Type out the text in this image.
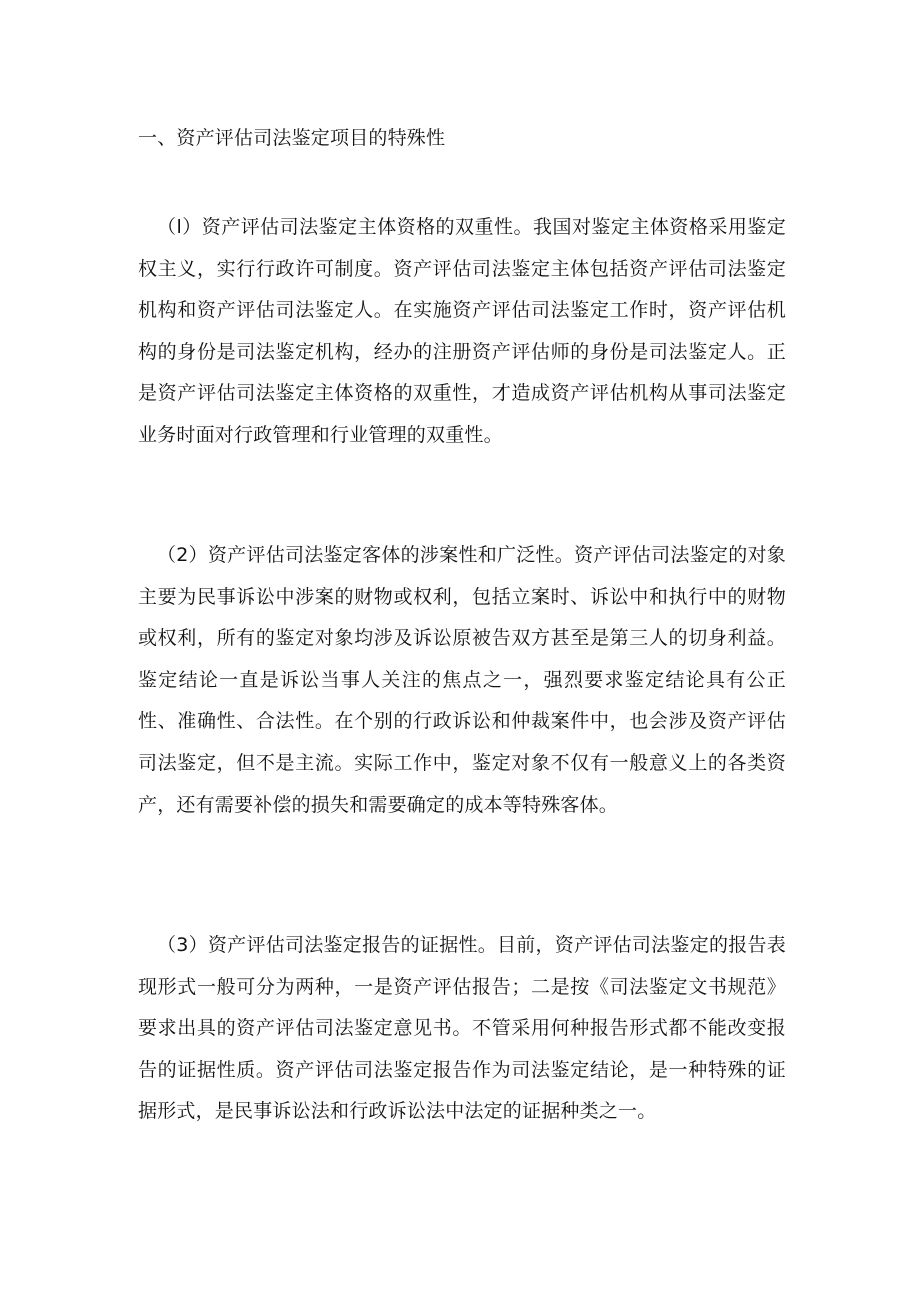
一、资产评估司法鉴定项目的特殊性

（l）资产评估司法鉴定主体资格的双重性。我国对鉴定主体资格采用鉴定权主义，实行行政许可制度。资产评估司法鉴定主体包括资产评估司法鉴定机构和资产评估司法鉴定人。在实施资产评估司法鉴定工作时，资产评估机构的身份是司法鉴定机构，经办的注册资产评估师的身份是司法鉴定人。正是资产评估司法鉴定主体资格的双重性，才造成资产评估机构从事司法鉴定业务时面对行政管理和行业管理的双重性。

（2）资产评估司法鉴定客体的涉案性和广泛性。资产评估司法鉴定的对象主要为民事诉讼中涉案的财物或权利，包括立案时、诉讼中和执行中的财物或权利，所有的鉴定对象均涉及诉讼原被告双方甚至是第三人的切身利益。鉴定结论一直是诉讼当事人关注的焦点之一，强烈要求鉴定结论具有公正性、准确性、合法性。在个别的行政诉讼和仲裁案件中，也会涉及资产评估司法鉴定，但不是主流。实际工作中，鉴定对象不仅有一般意义上的各类资产，还有需要补偿的损失和需要确定的成本等特殊客体。

（3）资产评估司法鉴定报告的证据性。目前，资产评估司法鉴定的报告表现形式一般可分为两种，一是资产评估报告；二是按《司法鉴定文书规范》要求出具的资产评估司法鉴定意见书。不管采用何种报告形式都不能改变报告的证据性质。资产评估司法鉴定报告作为司法鉴定结论，是一种特殊的证据形式，是民事诉讼法和行政诉讼法中法定的证据种类之一。
